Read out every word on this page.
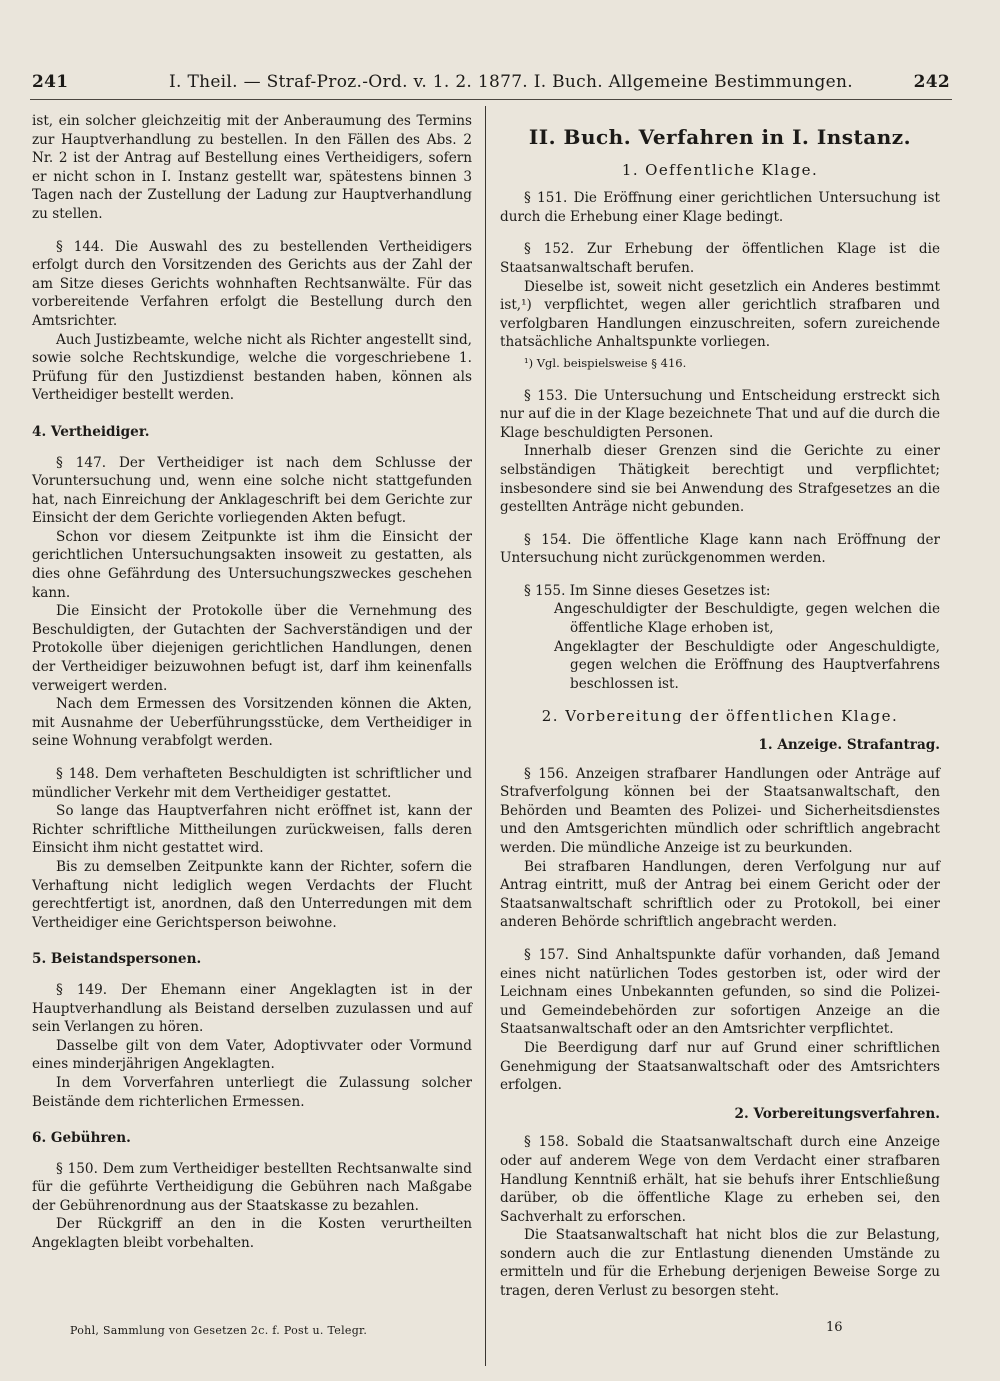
241	I. Theil. — Straf-Proz.-Ord. v. 1. 2. 1877. I. Buch. Allgemeine Bestimmungen.	242

ist, ein solcher gleichzeitig mit der Anberaumung des Termins zur Hauptverhandlung zu bestellen. In den Fällen des Abs. 2 Nr. 2 ist der Antrag auf Bestellung eines Vertheidigers, sofern er nicht schon in I. Instanz gestellt war, spätestens binnen 3 Tagen nach der Zustellung der Ladung zur Hauptverhandlung zu stellen.

§ 144. Die Auswahl des zu bestellenden Vertheidigers erfolgt durch den Vorsitzenden des Gerichts aus der Zahl der am Sitze dieses Gerichts wohnhaften Rechtsanwälte. Für das vorbereitende Verfahren erfolgt die Bestellung durch den Amtsrichter.

Auch Justizbeamte, welche nicht als Richter angestellt sind, sowie solche Rechtskundige, welche die vorgeschriebene 1. Prüfung für den Justizdienst bestanden haben, können als Vertheidiger bestellt werden.

4. Vertheidiger.

§ 147. Der Vertheidiger ist nach dem Schlusse der Voruntersuchung und, wenn eine solche nicht stattgefunden hat, nach Einreichung der Anklageschrift bei dem Gerichte zur Einsicht der dem Gerichte vorliegenden Akten befugt.

Schon vor diesem Zeitpunkte ist ihm die Einsicht der gerichtlichen Untersuchungsakten insoweit zu gestatten, als dies ohne Gefährdung des Untersuchungszweckes geschehen kann.

Die Einsicht der Protokolle über die Vernehmung des Beschuldigten, der Gutachten der Sachverständigen und der Protokolle über diejenigen gerichtlichen Handlungen, denen der Vertheidiger beizuwohnen befugt ist, darf ihm keinenfalls verweigert werden.

Nach dem Ermessen des Vorsitzenden können die Akten, mit Ausnahme der Ueberführungsstücke, dem Vertheidiger in seine Wohnung verabfolgt werden.

§ 148. Dem verhafteten Beschuldigten ist schriftlicher und mündlicher Verkehr mit dem Vertheidiger gestattet.

So lange das Hauptverfahren nicht eröffnet ist, kann der Richter schriftliche Mittheilungen zurückweisen, falls deren Einsicht ihm nicht gestattet wird.

Bis zu demselben Zeitpunkte kann der Richter, sofern die Verhaftung nicht lediglich wegen Verdachts der Flucht gerechtfertigt ist, anordnen, daß den Unterredungen mit dem Vertheidiger eine Gerichtsperson beiwohne.

5. Beistandspersonen.

§ 149. Der Ehemann einer Angeklagten ist in der Hauptverhandlung als Beistand derselben zuzulassen und auf sein Verlangen zu hören.

Dasselbe gilt von dem Vater, Adoptivvater oder Vormund eines minderjährigen Angeklagten.

In dem Vorverfahren unterliegt die Zulassung solcher Beistände dem richterlichen Ermessen.

6. Gebühren.

§ 150. Dem zum Vertheidiger bestellten Rechtsanwalte sind für die geführte Vertheidigung die Gebühren nach Maßgabe der Gebührenordnung aus der Staatskasse zu bezahlen.

Der Rückgriff an den in die Kosten verurtheilten Angeklagten bleibt vorbehalten.

II. Buch. Verfahren in I. Instanz.
1. Oeffentliche Klage.

§ 151. Die Eröffnung einer gerichtlichen Untersuchung ist durch die Erhebung einer Klage bedingt.

§ 152. Zur Erhebung der öffentlichen Klage ist die Staatsanwaltschaft berufen.

Dieselbe ist, soweit nicht gesetzlich ein Anderes bestimmt ist,¹) verpflichtet, wegen aller gerichtlich strafbaren und verfolgbaren Handlungen einzuschreiten, sofern zureichende thatsächliche Anhaltspunkte vorliegen.

¹) Vgl. beispielsweise § 416.

§ 153. Die Untersuchung und Entscheidung erstreckt sich nur auf die in der Klage bezeichnete That und auf die durch die Klage beschuldigten Personen.

Innerhalb dieser Grenzen sind die Gerichte zu einer selbständigen Thätigkeit berechtigt und verpflichtet; insbesondere sind sie bei Anwendung des Strafgesetzes an die gestellten Anträge nicht gebunden.

§ 154. Die öffentliche Klage kann nach Eröffnung der Untersuchung nicht zurückgenommen werden.

§ 155. Im Sinne dieses Gesetzes ist:

Angeschuldigter der Beschuldigte, gegen welchen die öffentliche Klage erhoben ist,

Angeklagter der Beschuldigte oder Angeschuldigte, gegen welchen die Eröffnung des Hauptverfahrens beschlossen ist.

2. Vorbereitung der öffentlichen Klage.
1. Anzeige. Strafantrag.

§ 156. Anzeigen strafbarer Handlungen oder Anträge auf Strafverfolgung können bei der Staatsanwaltschaft, den Behörden und Beamten des Polizei- und Sicherheitsdienstes und den Amtsgerichten mündlich oder schriftlich angebracht werden. Die mündliche Anzeige ist zu beurkunden.

Bei strafbaren Handlungen, deren Verfolgung nur auf Antrag eintritt, muß der Antrag bei einem Gericht oder der Staatsanwaltschaft schriftlich oder zu Protokoll, bei einer anderen Behörde schriftlich angebracht werden.

§ 157. Sind Anhaltspunkte dafür vorhanden, daß Jemand eines nicht natürlichen Todes gestorben ist, oder wird der Leichnam eines Unbekannten gefunden, so sind die Polizei- und Gemeindebehörden zur sofortigen Anzeige an die Staatsanwaltschaft oder an den Amtsrichter verpflichtet.

Die Beerdigung darf nur auf Grund einer schriftlichen Genehmigung der Staatsanwaltschaft oder des Amtsrichters erfolgen.

2. Vorbereitungsverfahren.

§ 158. Sobald die Staatsanwaltschaft durch eine Anzeige oder auf anderem Wege von dem Verdacht einer strafbaren Handlung Kenntniß erhält, hat sie behufs ihrer Entschließung darüber, ob die öffentliche Klage zu erheben sei, den Sachverhalt zu erforschen.

Die Staatsanwaltschaft hat nicht blos die zur Belastung, sondern auch die zur Entlastung dienenden Umstände zu ermitteln und für die Erhebung derjenigen Beweise Sorge zu tragen, deren Verlust zu besorgen steht.

Pohl, Sammlung von Gesetzen 2c. f. Post u. Telegr.	16
